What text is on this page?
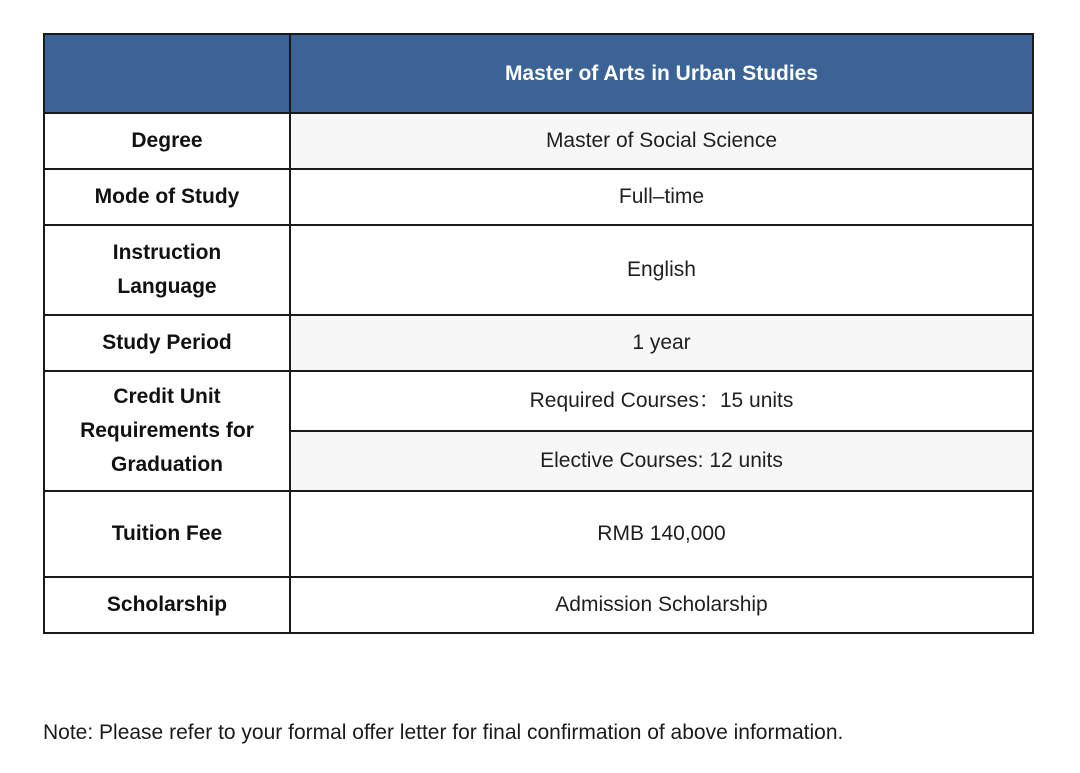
	Master of Arts in Urban Studies
Degree	Master of Social Science
Mode of Study	Full–time
Instruction Language	English
Study Period	1 year
Credit Unit Requirements for Graduation	Required Courses：15 units
	Elective Courses: 12 units
Tuition Fee	RMB 140,000
Scholarship	Admission Scholarship
Note: Please refer to your formal offer letter for final confirmation of above information.
